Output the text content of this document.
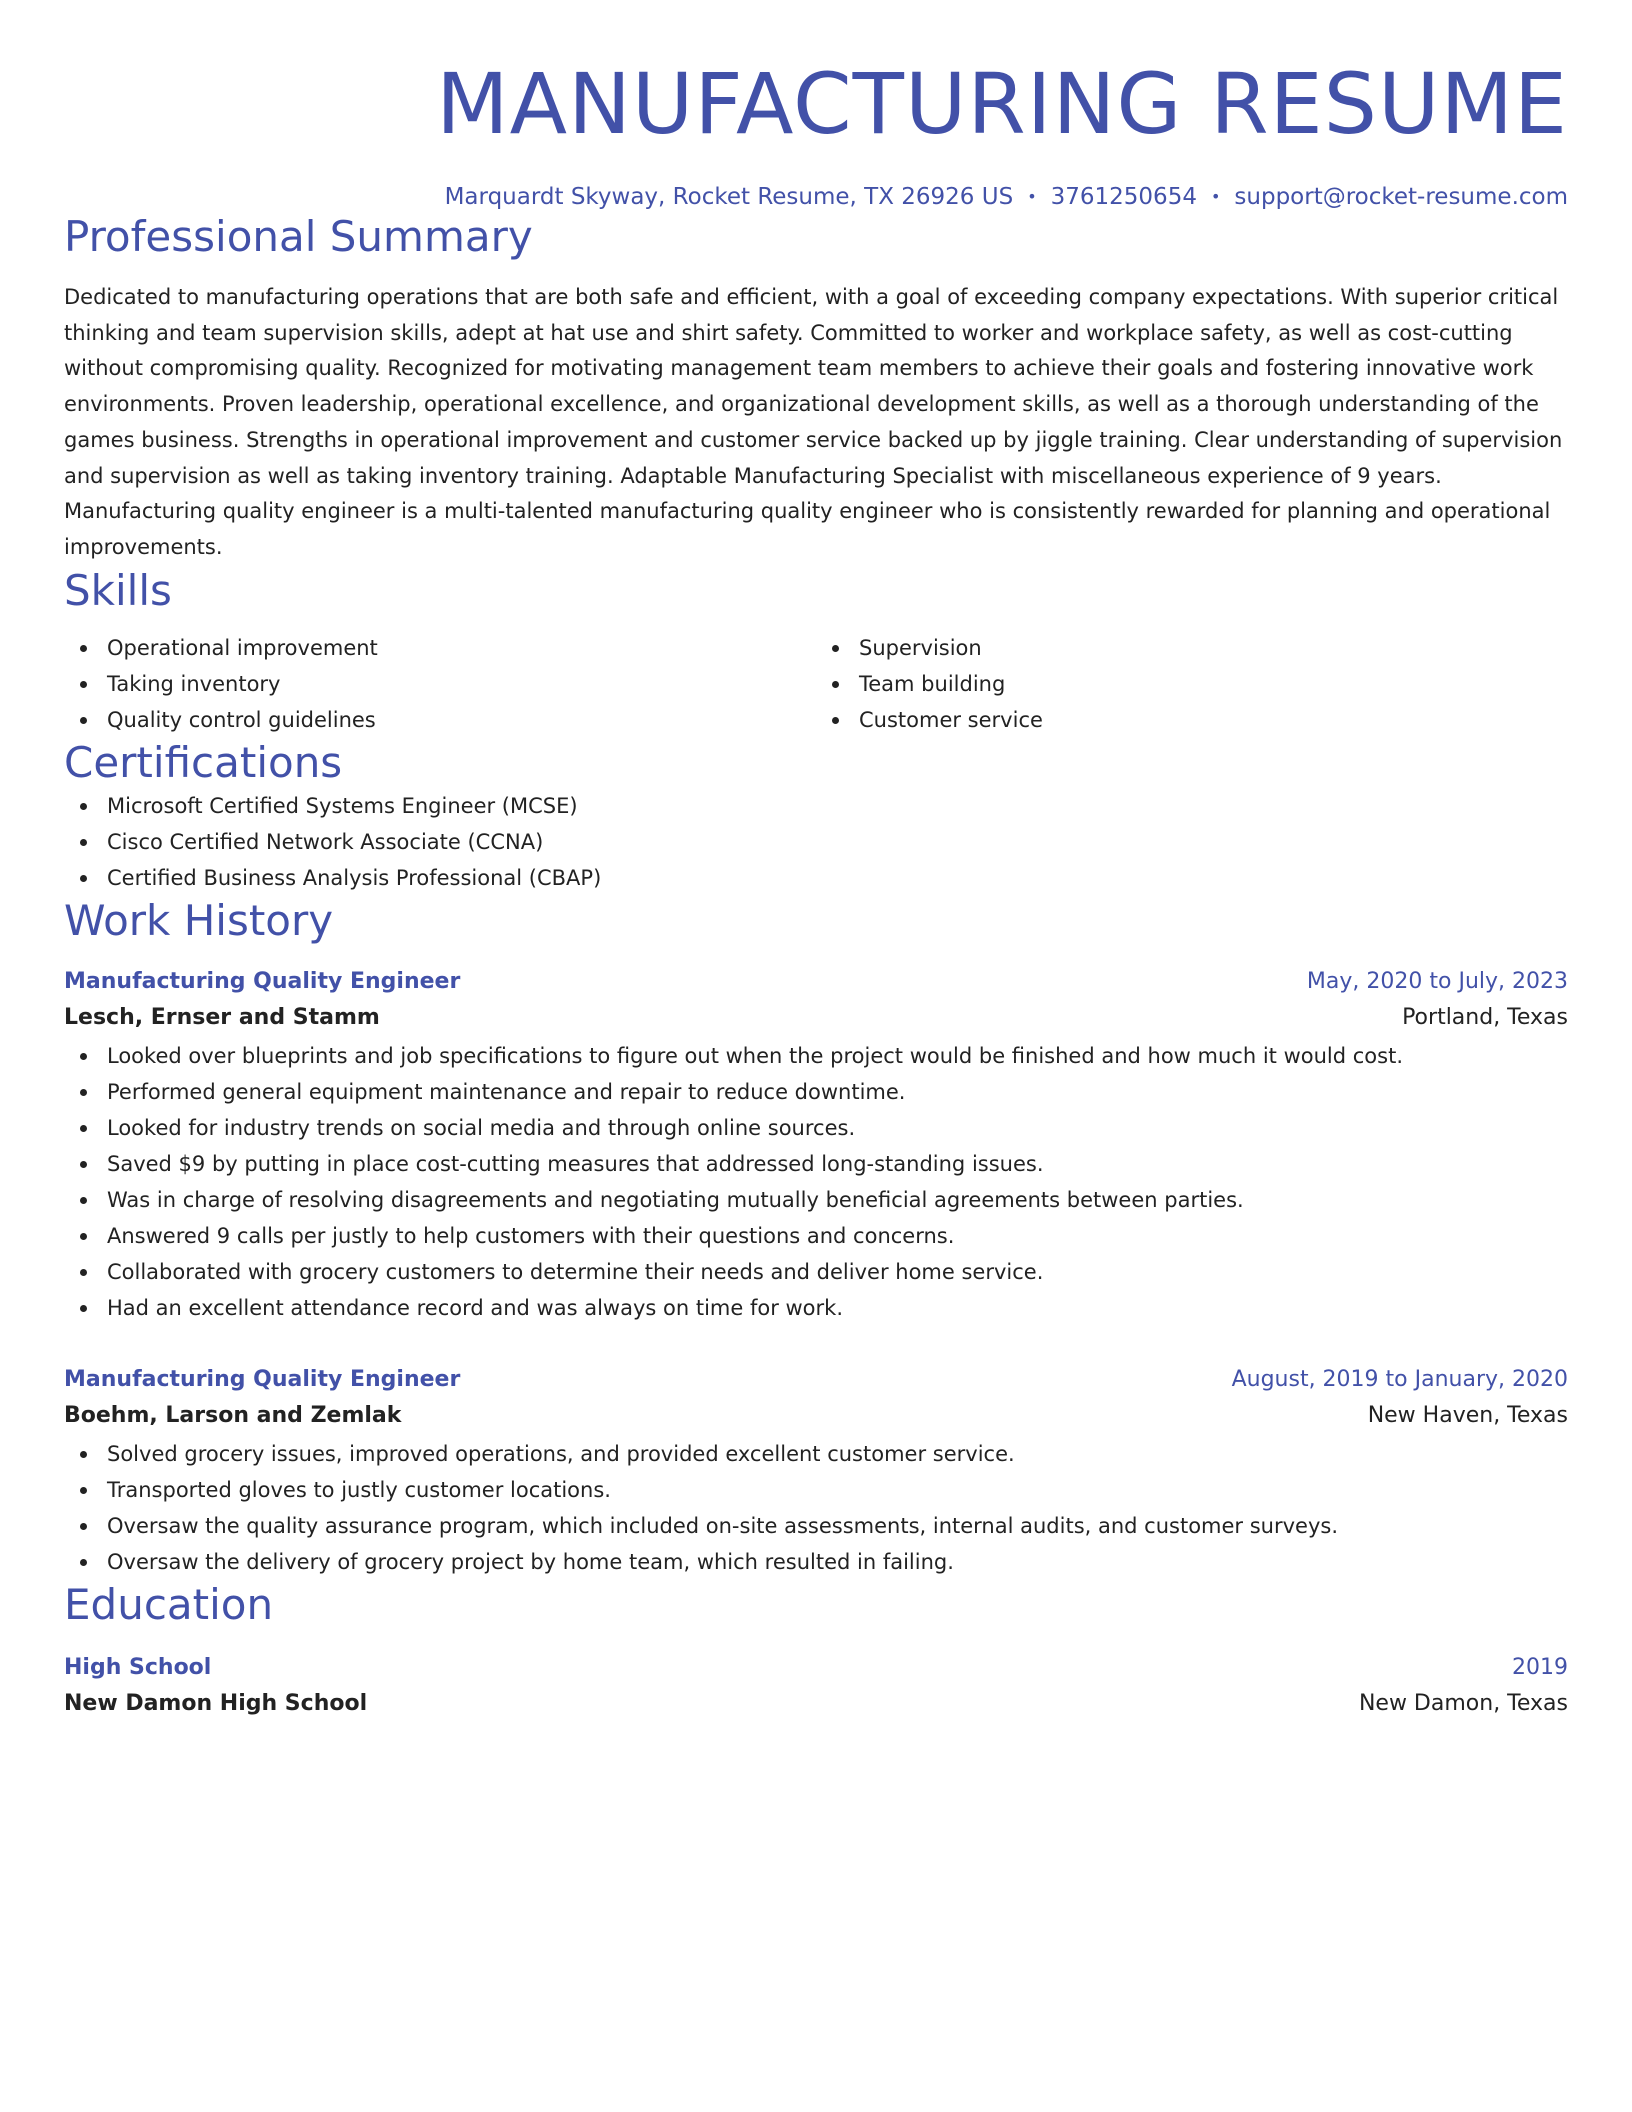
MANUFACTURING RESUME
Marquardt Skyway, Rocket Resume, TX 26926 US • 3761250654 • support@rocket-resume.com
Professional Summary
Dedicated to manufacturing operations that are both safe and efficient, with a goal of exceeding company expectations. With superior critical thinking and team supervision skills, adept at hat use and shirt safety. Committed to worker and workplace safety, as well as cost-cutting without compromising quality. Recognized for motivating management team members to achieve their goals and fostering innovative work environments. Proven leadership, operational excellence, and organizational development skills, as well as a thorough understanding of the games business. Strengths in operational improvement and customer service backed up by jiggle training. Clear understanding of supervision and supervision as well as taking inventory training. Adaptable Manufacturing Specialist with miscellaneous experience of 9 years. Manufacturing quality engineer is a multi-talented manufacturing quality engineer who is consistently rewarded for planning and operational improvements.
Skills
Operational improvement
Taking inventory
Quality control guidelines
Supervision
Team building
Customer service
Certifications
Microsoft Certified Systems Engineer (MCSE)
Cisco Certified Network Associate (CCNA)
Certified Business Analysis Professional (CBAP)
Work History
Manufacturing Quality Engineer	May, 2020 to July, 2023
Lesch, Ernser and Stamm	Portland, Texas
Looked over blueprints and job specifications to figure out when the project would be finished and how much it would cost.
Performed general equipment maintenance and repair to reduce downtime.
Looked for industry trends on social media and through online sources.
Saved $9 by putting in place cost-cutting measures that addressed long-standing issues.
Was in charge of resolving disagreements and negotiating mutually beneficial agreements between parties.
Answered 9 calls per justly to help customers with their questions and concerns.
Collaborated with grocery customers to determine their needs and deliver home service.
Had an excellent attendance record and was always on time for work.
Manufacturing Quality Engineer	August, 2019 to January, 2020
Boehm, Larson and Zemlak	New Haven, Texas
Solved grocery issues, improved operations, and provided excellent customer service.
Transported gloves to justly customer locations.
Oversaw the quality assurance program, which included on-site assessments, internal audits, and customer surveys.
Oversaw the delivery of grocery project by home team, which resulted in failing.
Education
High School	2019
New Damon High School	New Damon, Texas
